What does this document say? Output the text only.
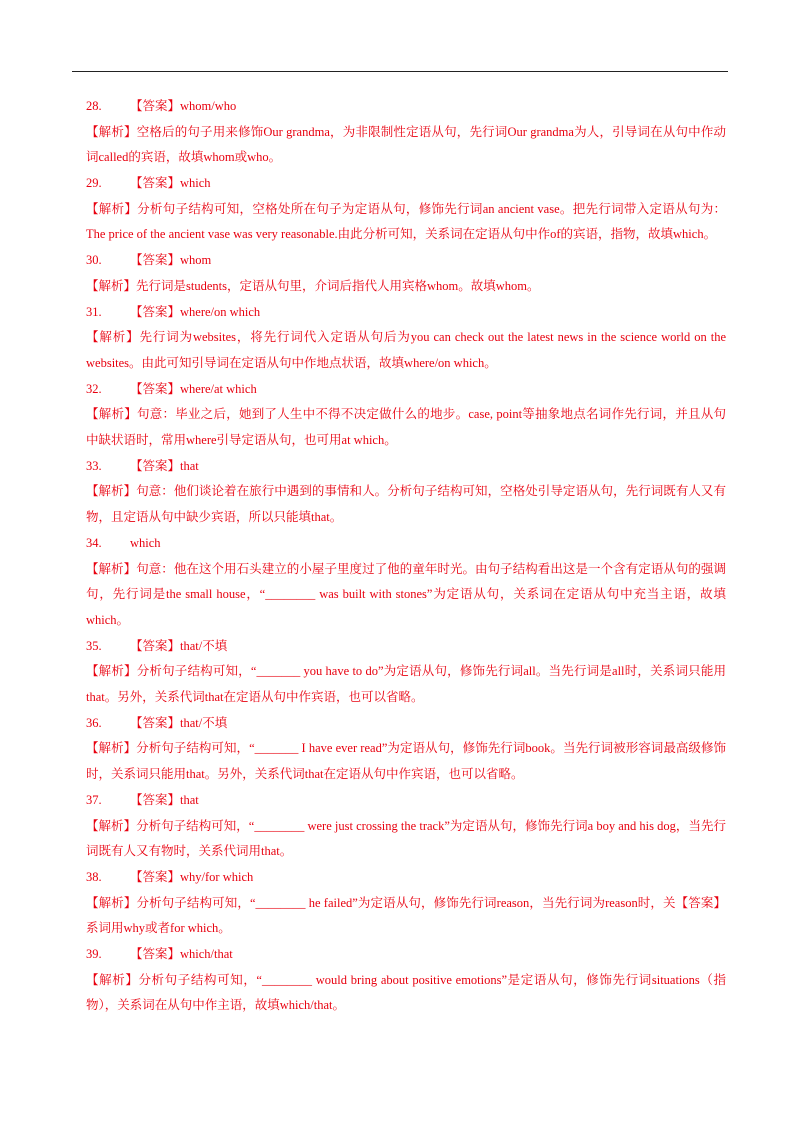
28. 【答案】whom/who
【解析】空格后的句子用来修饰Our grandma，为非限制性定语从句，先行词Our grandma为人，引导词在从句中作动词called的宾语，故填whom或who。
29. 【答案】which
【解析】分析句子结构可知，空格处所在句子为定语从句，修饰先行词an ancient vase。把先行词带入定语从句为：The price of the ancient vase was very reasonable.由此分析可知，关系词在定语从句中作of的宾语，指物，故填which。
30. 【答案】whom
【解析】先行词是students，定语从句里，介词后指代人用宾格whom。故填whom。
31. 【答案】where/on which
【解析】先行词为websites，将先行词代入定语从句后为you can check out the latest news in the science world on the websites。由此可知引导词在定语从句中作地点状语，故填where/on which。
32. 【答案】where/at which
【解析】句意：毕业之后，她到了人生中不得不决定做什么的地步。case, point等抽象地点名词作先行词，并且从句中缺状语时，常用where引导定语从句，也可用at which。
33. 【答案】that
【解析】句意：他们谈论着在旅行中遇到的事情和人。分析句子结构可知，空格处引导定语从句，先行词既有人又有物，且定语从句中缺少宾语，所以只能填that。
34. which
【解析】句意：他在这个用石头建立的小屋子里度过了他的童年时光。由句子结构看出这是一个含有定语从句的强调句，先行词是the small house，“________ was built with stones”为定语从句，关系词在定语从句中充当主语，故填which。
35. 【答案】that/不填
【解析】分析句子结构可知，“_______ you have to do”为定语从句，修饰先行词all。当先行词是all时，关系词只能用that。另外，关系代词that在定语从句中作宾语，也可以省略。
36. 【答案】that/不填
【解析】分析句子结构可知，“_______ I have ever read”为定语从句，修饰先行词book。当先行词被形容词最高级修饰时，关系词只能用that。另外，关系代词that在定语从句中作宾语，也可以省略。
37. 【答案】that
【解析】分析句子结构可知，“________ were just crossing the track”为定语从句，修饰先行词a boy and his dog，当先行词既有人又有物时，关系代词用that。
38. 【答案】why/for which
【解析】分析句子结构可知，“________ he failed”为定语从句，修饰先行词reason，当先行词为reason时，关【答案】系词用why或者for which。
39. 【答案】which/that
【解析】分析句子结构可知，“________ would bring about positive emotions”是定语从句，修饰先行词situations（指物），关系词在从句中作主语，故填which/that。
